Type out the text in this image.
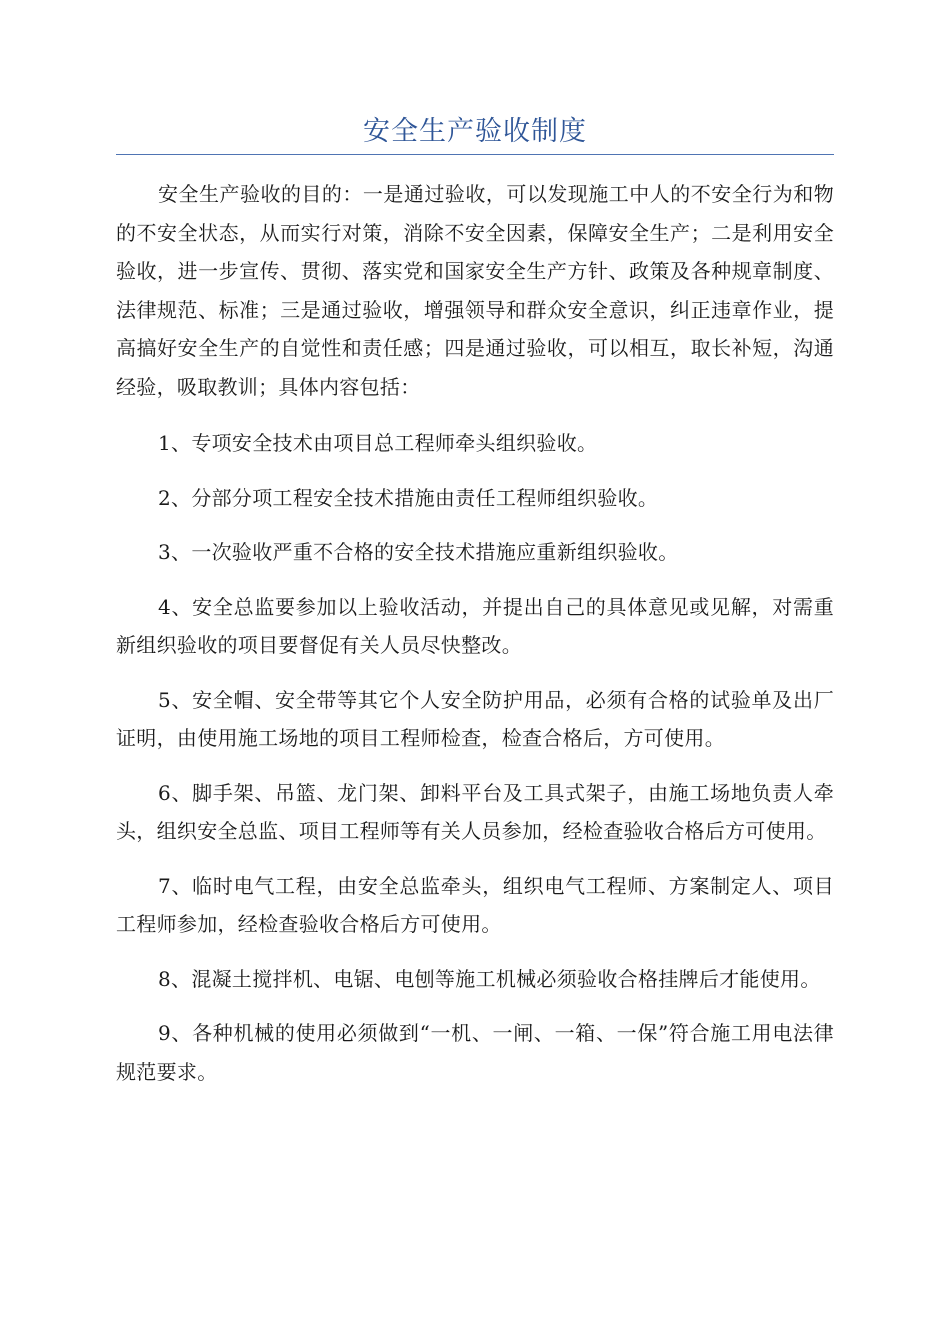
安全生产验收制度

安全生产验收的目的：一是通过验收，可以发现施工中人的不安全行为和物的不安全状态，从而实行对策，消除不安全因素，保障安全生产；二是利用安全验收，进一步宣传、贯彻、落实党和国家安全生产方针、政策及各种规章制度、法律规范、标准；三是通过验收，增强领导和群众安全意识，纠正违章作业，提高搞好安全生产的自觉性和责任感；四是通过验收，可以相互，取长补短，沟通经验，吸取教训；具体内容包括：

1、专项安全技术由项目总工程师牵头组织验收。

2、分部分项工程安全技术措施由责任工程师组织验收。

3、一次验收严重不合格的安全技术措施应重新组织验收。

4、安全总监要参加以上验收活动，并提出自己的具体意见或见解，对需重新组织验收的项目要督促有关人员尽快整改。

5、安全帽、安全带等其它个人安全防护用品，必须有合格的试验单及出厂证明，由使用施工场地的项目工程师检查，检查合格后，方可使用。

6、脚手架、吊篮、龙门架、卸料平台及工具式架子，由施工场地负责人牵头，组织安全总监、项目工程师等有关人员参加，经检查验收合格后方可使用。

7、临时电气工程，由安全总监牵头，组织电气工程师、方案制定人、项目工程师参加，经检查验收合格后方可使用。

8、混凝土搅拌机、电锯、电刨等施工机械必须验收合格挂牌后才能使用。

9、各种机械的使用必须做到“一机、一闸、一箱、一保”符合施工用电法律规范要求。
